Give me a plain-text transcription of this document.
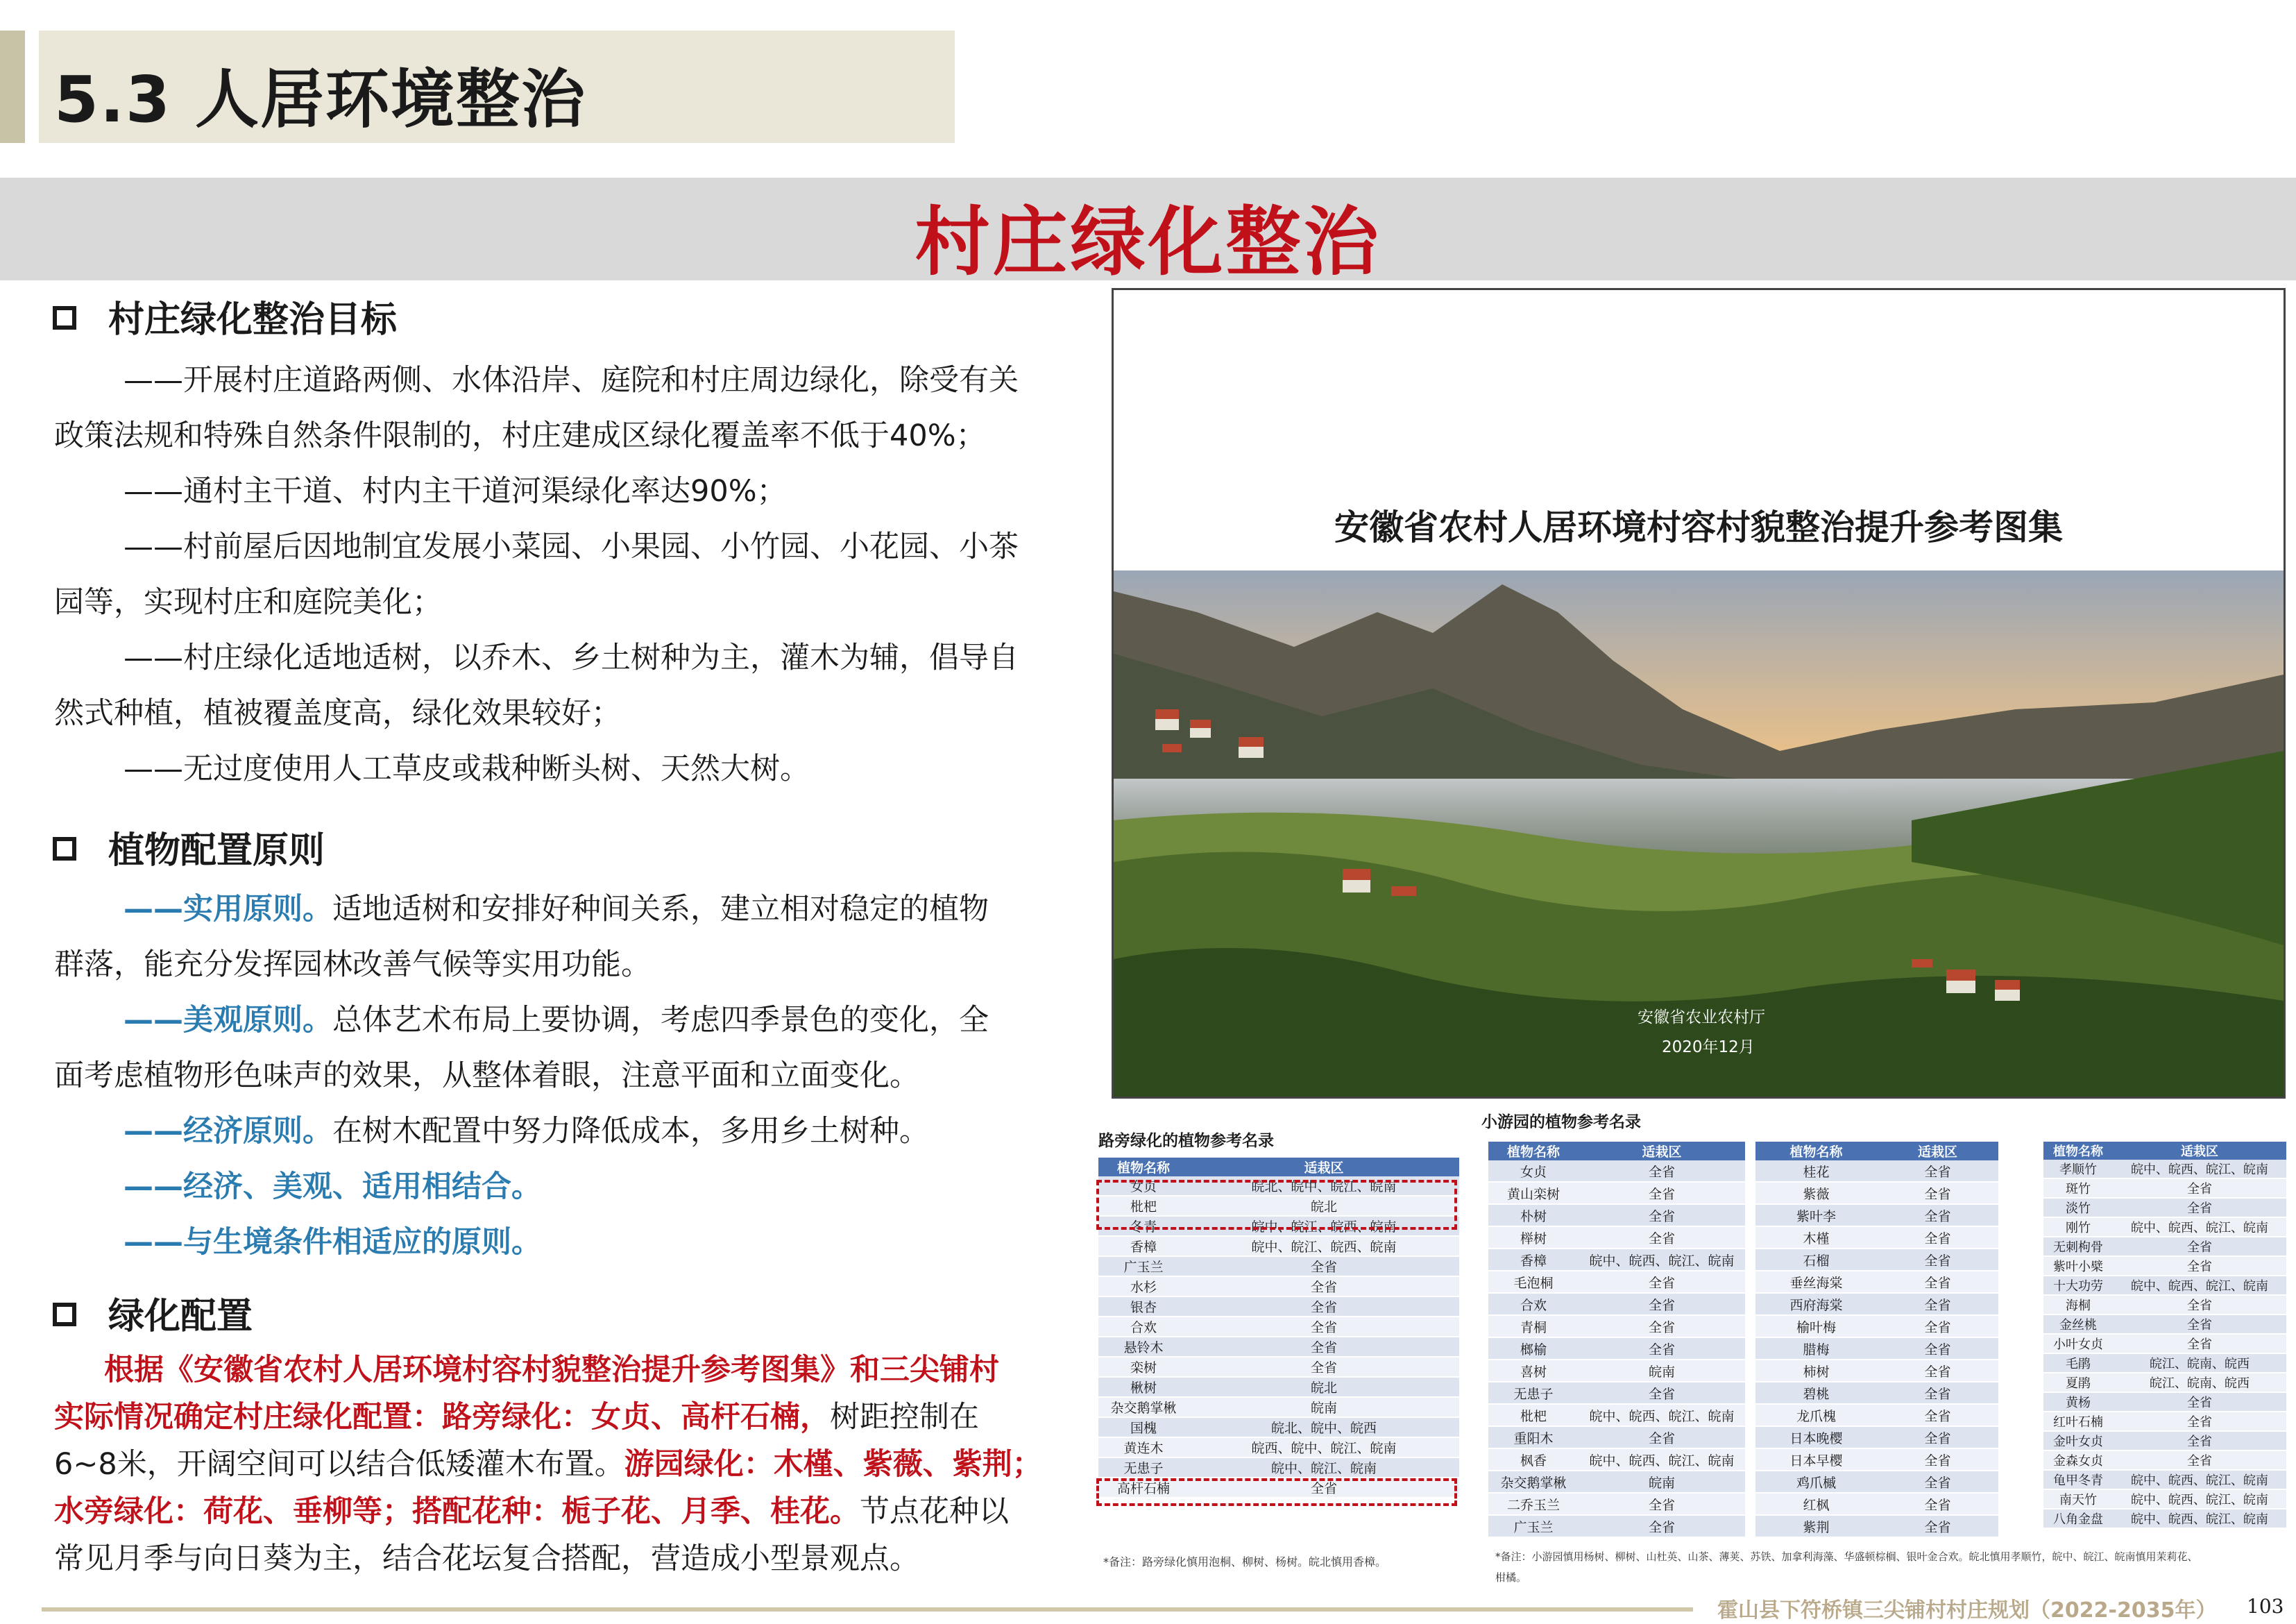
5.3 人居环境整治
村庄绿化整治
村庄绿化整治目标

——开展村庄道路两侧、水体沿岸、庭院和村庄周边绿化，除受有关

政策法规和特殊自然条件限制的，村庄建成区绿化覆盖率不低于40%；

——通村主干道、村内主干道河渠绿化率达90%；

——村前屋后因地制宜发展小菜园、小果园、小竹园、小花园、小茶

园等，实现村庄和庭院美化；

——村庄绿化适地适树，以乔木、乡土树种为主，灌木为辅，倡导自

然式种植，植被覆盖度高，绿化效果较好；

——无过度使用人工草皮或栽种断头树、天然大树。

植物配置原则

——实用原则。适地适树和安排好种间关系，建立相对稳定的植物

群落，能充分发挥园林改善气候等实用功能。

——美观原则。总体艺术布局上要协调，考虑四季景色的变化，全

面考虑植物形色味声的效果，从整体着眼，注意平面和立面变化。

——经济原则。在树木配置中努力降低成本，多用乡土树种。

——经济、美观、适用相结合。

——与生境条件相适应的原则。

绿化配置

根据《安徽省农村人居环境村容村貌整治提升参考图集》和三尖铺村

实际情况确定村庄绿化配置：路旁绿化：女贞、高杆石楠，树距控制在

6~8米，开阔空间可以结合低矮灌木布置。游园绿化：木槿、紫薇、紫荆；

水旁绿化：荷花、垂柳等；搭配花种：栀子花、月季、桂花。节点花种以

常见月季与向日葵为主，结合花坛复合搭配，营造成小型景观点。

安徽省农村人居环境村容村貌整治提升参考图集
安徽省农业农村厅
2020年12月
路旁绿化的植物参考名录
植物名称	适栽区
女贞	皖北、皖中、皖江、皖南
枇杷	皖北
冬青	皖中、皖江、皖西、皖南
香樟	皖中、皖江、皖西、皖南
广玉兰	全省
水杉	全省
银杏	全省
合欢	全省
悬铃木	全省
栾树	全省
楸树	皖北
杂交鹅掌楸	皖南
国槐	皖北、皖中、皖西
黄连木	皖西、皖中、皖江、皖南
无患子	皖中、皖江、皖南
高杆石楠	全省
*备注：路旁绿化慎用泡桐、柳树、杨树。皖北慎用香樟。
小游园的植物参考名录
植物名称	适栽区
女贞	全省
黄山栾树	全省
朴树	全省
榉树	全省
香樟	皖中、皖西、皖江、皖南
毛泡桐	全省
合欢	全省
青桐	全省
榔榆	全省
喜树	皖南
无患子	全省
枇杷	皖中、皖西、皖江、皖南
重阳木	全省
枫香	皖中、皖西、皖江、皖南
杂交鹅掌楸	皖南
二乔玉兰	全省
广玉兰	全省
植物名称	适栽区
桂花	全省
紫薇	全省
紫叶李	全省
木槿	全省
石榴	全省
垂丝海棠	全省
西府海棠	全省
榆叶梅	全省
腊梅	全省
柿树	全省
碧桃	全省
龙爪槐	全省
日本晚樱	全省
日本早樱	全省
鸡爪槭	全省
红枫	全省
紫荆	全省
植物名称	适栽区
孝顺竹	皖中、皖西、皖江、皖南
斑竹	全省
淡竹	全省
刚竹	皖中、皖西、皖江、皖南
无刺枸骨	全省
紫叶小檗	全省
十大功劳	皖中、皖西、皖江、皖南
海桐	全省
金丝桃	全省
小叶女贞	全省
毛鹃	皖江、皖南、皖西
夏鹃	皖江、皖南、皖西
黄杨	全省
红叶石楠	全省
金叶女贞	全省
金森女贞	全省
龟甲冬青	皖中、皖西、皖江、皖南
南天竹	皖中、皖西、皖江、皖南
八角金盘	皖中、皖西、皖江、皖南
*备注：小游园慎用杨树、柳树、山杜英、山茶、薄荚、苏铁、加拿利海藻、华盛顿棕榈、银叶金合欢。皖北慎用孝顺竹，皖中、皖江、皖南慎用茉莉花、
柑橘。
霍山县下符桥镇三尖铺村村庄规划（2022-2035年） 103
